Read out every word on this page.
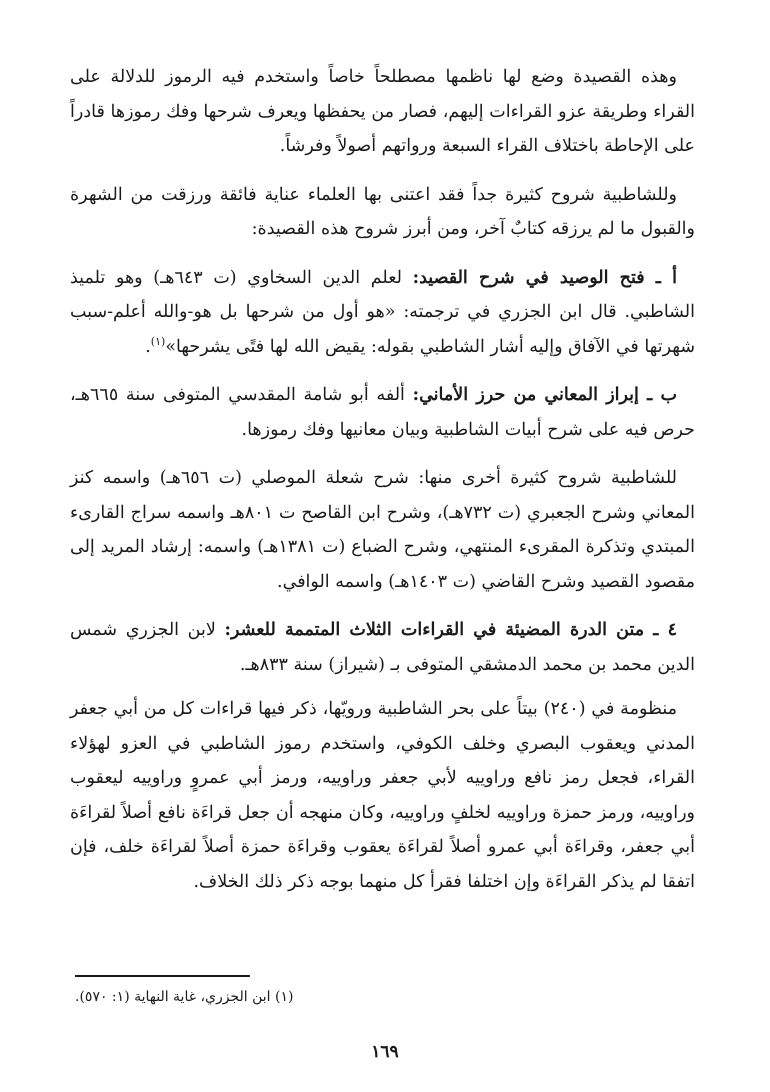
وهذه القصيدة وضع لها ناظمها مصطلحاً خاصاً واستخدم فيه الرموز للدلالة على القراء وطريقة عزو القراءات إليهم، فصار من يحفظها ويعرف شرحها وفك رموزها قادراً على الإحاطة باختلاف القراء السبعة ورواتهم أصولاً وفرشاً.

وللشاطبية شروح كثيرة جداً فقد اعتنى بها العلماء عناية فائقة ورزقت من الشهرة والقبول ما لم يرزقه كتابٌ آخر، ومن أبرز شروح هذه القصيدة:

أ ـ فتح الوصيد في شرح القصيد: لعلم الدين السخاوي (ت ٦٤٣هـ) وهو تلميذ الشاطبي. قال ابن الجزري في ترجمته: «هو أول من شرحها بل هو-والله أعلم-سبب شهرتها في الآفاق وإليه أشار الشاطبي بقوله: يقيض الله لها فتًى يشرحها»$^{(١)}$.

ب ـ إبراز المعاني من حرز الأماني: ألفه أبو شامة المقدسي المتوفى سنة ٦٦٥هـ، حرص فيه على شرح أبيات الشاطبية وبيان معانيها وفك رموزها.

للشاطبية شروح كثيرة أخرى منها: شرح شعلة الموصلي (ت ٦٥٦هـ) واسمه كنز المعاني وشرح الجعبري (ت ٧٣٢هـ)، وشرح ابن القاصح ت ٨٠١هـ واسمه سراج القارىء المبتدي وتذكرة المقرىء المنتهي، وشرح الضباع (ت ١٣٨١هـ) واسمه: إرشاد المريد إلى مقصود القصيد وشرح القاضي (ت ١٤٠٣هـ) واسمه الوافي.

٤ ـ متن الدرة المضيئة في القراءات الثلاث المتممة للعشر: لابن الجزري شمس الدين محمد بن محمد الدمشقي المتوفى بـ (شيراز) سنة ٨٣٣هـ.

منظومة في (٢٤٠) بيتاً على بحر الشاطبية ورويّها، ذكر فيها قراءات كل من أبي جعفر المدني ويعقوب البصري وخلف الكوفي، واستخدم رموز الشاطبي في العزو لهؤلاء القراء، فجعل رمز نافع وراوييه لأبي جعفر وراوييه، ورمز أبي عمروٍ وراوييه ليعقوب وراوييه، ورمز حمزة وراوييه لخلفٍ وراوييه، وكان منهجه أن جعل قراءَة نافع أصلاً لقراءَة أبي جعفر، وقراءَة أبي عمرو أصلاً لقراءَة يعقوب وقراءَة حمزة أصلاً لقراءَة خلف، فإن اتفقا لم يذكر القراءَة وإن اختلفا فقرأ كل منهما بوجه ذكر ذلك الخلاف.

(١) ابن الجزري، غاية النهاية (١: ٥٧٠).
١٦٩
